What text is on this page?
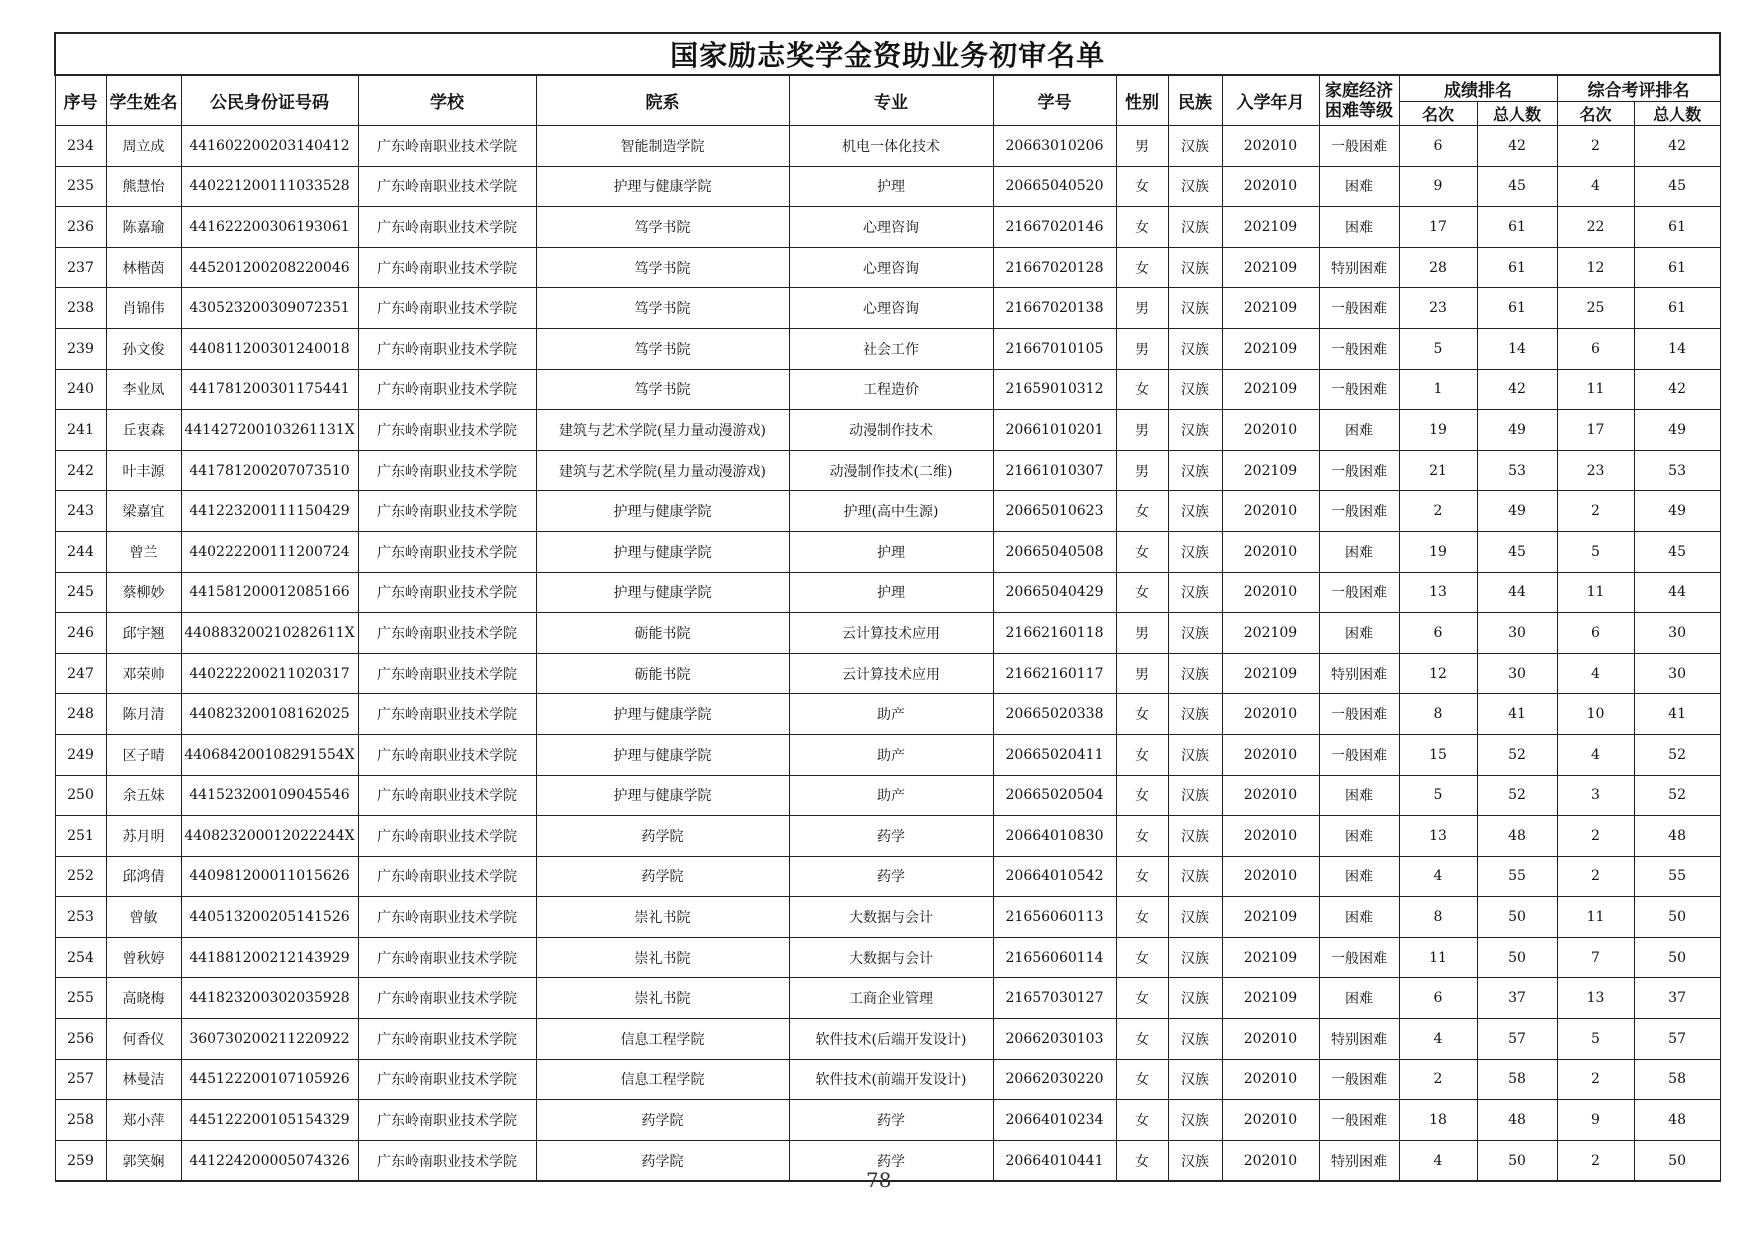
国家励志奖学金资助业务初审名单														
序号	学生姓名	公民身份证号码	学校	院系	专业	学号	性别	民族	入学年月	家庭经济困难等级	成绩排名		综合考评排名	
											名次	总人数	名次	总人数
234	周立成	441602200203140412	广东岭南职业技术学院	智能制造学院	机电一体化技术	20663010206	男	汉族	202010	一般困难	6	42	2	42
235	熊慧怡	440221200111033528	广东岭南职业技术学院	护理与健康学院	护理	20665040520	女	汉族	202010	困难	9	45	4	45
236	陈嘉瑜	441622200306193061	广东岭南职业技术学院	笃学书院	心理咨询	21667020146	女	汉族	202109	困难	17	61	22	61
237	林楷茵	445201200208220046	广东岭南职业技术学院	笃学书院	心理咨询	21667020128	女	汉族	202109	特别困难	28	61	12	61
238	肖锦伟	430523200309072351	广东岭南职业技术学院	笃学书院	心理咨询	21667020138	男	汉族	202109	一般困难	23	61	25	61
239	孙文俊	440811200301240018	广东岭南职业技术学院	笃学书院	社会工作	21667010105	男	汉族	202109	一般困难	5	14	6	14
240	李业凤	441781200301175441	广东岭南职业技术学院	笃学书院	工程造价	21659010312	女	汉族	202109	一般困难	1	42	11	42
241	丘衷森	441427200103261131X	广东岭南职业技术学院	建筑与艺术学院(星力量动漫游戏)	动漫制作技术	20661010201	男	汉族	202010	困难	19	49	17	49
242	叶丰源	441781200207073510	广东岭南职业技术学院	建筑与艺术学院(星力量动漫游戏)	动漫制作技术(二维)	21661010307	男	汉族	202109	一般困难	21	53	23	53
243	梁嘉宜	441223200111150429	广东岭南职业技术学院	护理与健康学院	护理(高中生源)	20665010623	女	汉族	202010	一般困难	2	49	2	49
244	曾兰	440222200111200724	广东岭南职业技术学院	护理与健康学院	护理	20665040508	女	汉族	202010	困难	19	45	5	45
245	蔡柳妙	441581200012085166	广东岭南职业技术学院	护理与健康学院	护理	20665040429	女	汉族	202010	一般困难	13	44	11	44
246	邱宇翘	440883200210282611X	广东岭南职业技术学院	砺能书院	云计算技术应用	21662160118	男	汉族	202109	困难	6	30	6	30
247	邓荣帅	440222200211020317	广东岭南职业技术学院	砺能书院	云计算技术应用	21662160117	男	汉族	202109	特别困难	12	30	4	30
248	陈月清	440823200108162025	广东岭南职业技术学院	护理与健康学院	助产	20665020338	女	汉族	202010	一般困难	8	41	10	41
249	区子晴	440684200108291554X	广东岭南职业技术学院	护理与健康学院	助产	20665020411	女	汉族	202010	一般困难	15	52	4	52
250	余五妹	441523200109045546	广东岭南职业技术学院	护理与健康学院	助产	20665020504	女	汉族	202010	困难	5	52	3	52
251	苏月明	440823200012022244X	广东岭南职业技术学院	药学院	药学	20664010830	女	汉族	202010	困难	13	48	2	48
252	邱鸿倩	440981200011015626	广东岭南职业技术学院	药学院	药学	20664010542	女	汉族	202010	困难	4	55	2	55
253	曾敏	440513200205141526	广东岭南职业技术学院	崇礼书院	大数据与会计	21656060113	女	汉族	202109	困难	8	50	11	50
254	曾秋婷	441881200212143929	广东岭南职业技术学院	崇礼书院	大数据与会计	21656060114	女	汉族	202109	一般困难	11	50	7	50
255	高晓梅	441823200302035928	广东岭南职业技术学院	崇礼书院	工商企业管理	21657030127	女	汉族	202109	困难	6	37	13	37
256	何香仪	360730200211220922	广东岭南职业技术学院	信息工程学院	软件技术(后端开发设计)	20662030103	女	汉族	202010	特别困难	4	57	5	57
257	林曼洁	445122200107105926	广东岭南职业技术学院	信息工程学院	软件技术(前端开发设计)	20662030220	女	汉族	202010	一般困难	2	58	2	58
258	郑小萍	445122200105154329	广东岭南职业技术学院	药学院	药学	20664010234	女	汉族	202010	一般困难	18	48	9	48
259	郭笑娴	441224200005074326	广东岭南职业技术学院	药学院	药学	20664010441	女	汉族	202010	特别困难	4	50	2	50
78
